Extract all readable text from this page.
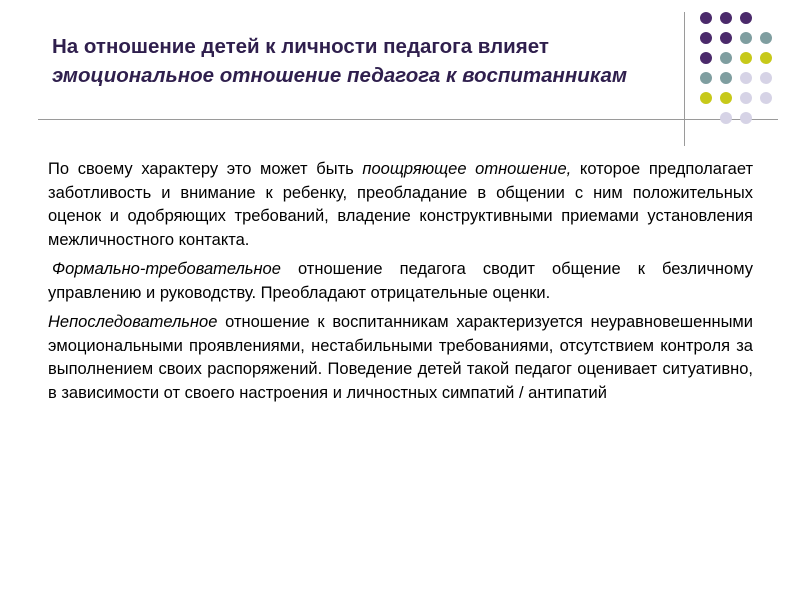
На отношение детей к личности педагога влияет эмоциональное отношение педагога к воспитанникам

По своему характеру это может быть поощряющее отношение, которое предполагает заботливость и внимание к ребенку, преобладание в общении с ним положительных оценок и одобряющих требований, владение конструктивными приемами установления межличностного контакта.

Формально-требовательное отношение педагога сводит общение к безличному управлению и руководству. Преобладают отрицательные оценки.

Непоследовательное отношение к воспитанникам характеризуется неуравновешенными эмоциональными проявлениями, нестабильными требованиями, отсутствием контроля за выполнением своих распоряжений. Поведение детей такой педагог оценивает ситуативно, в зависимости от своего настроения и личностных симпатий / антипатий
